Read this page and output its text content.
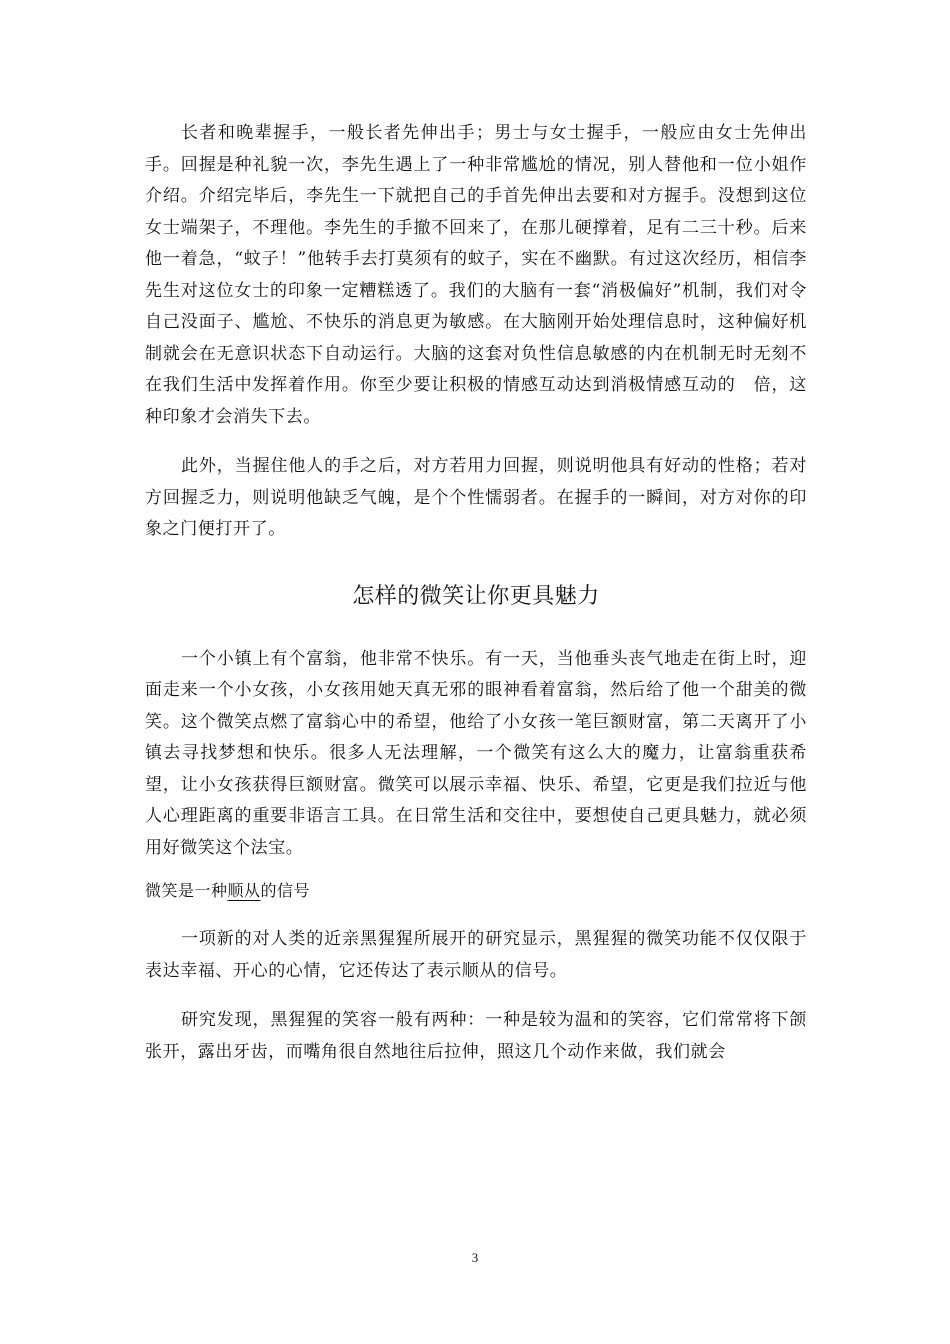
长者和晚辈握手，一般长者先伸出手；男士与女士握手，一般应由女士先伸出手。回握是种礼貌一次，李先生遇上了一种非常尴尬的情况，别人替他和一位小姐作介绍。介绍完毕后，李先生一下就把自己的手首先伸出去要和对方握手。没想到这位女士端架子，不理他。李先生的手撤不回来了，在那儿硬撑着，足有二三十秒。后来他一着急，“蚊子！”他转手去打莫须有的蚊子，实在不幽默。有过这次经历，相信李先生对这位女士的印象一定糟糕透了。我们的大脑有一套“消极偏好”机制，我们对令自己没面子、尴尬、不快乐的消息更为敏感。在大脑刚开始处理信息时，这种偏好机制就会在无意识状态下自动运行。大脑的这套对负性信息敏感的内在机制无时无刻不在我们生活中发挥着作用。你至少要让积极的情感互动达到消极情感互动的　倍，这种印象才会消失下去。

此外，当握住他人的手之后，对方若用力回握，则说明他具有好动的性格；若对方回握乏力，则说明他缺乏气魄，是个个性懦弱者。在握手的一瞬间，对方对你的印象之门便打开了。

怎样的微笑让你更具魅力

一个小镇上有个富翁，他非常不快乐。有一天，当他垂头丧气地走在街上时，迎面走来一个小女孩，小女孩用她天真无邪的眼神看着富翁，然后给了他一个甜美的微笑。这个微笑点燃了富翁心中的希望，他给了小女孩一笔巨额财富，第二天离开了小镇去寻找梦想和快乐。很多人无法理解，一个微笑有这么大的魔力，让富翁重获希望，让小女孩获得巨额财富。微笑可以展示幸福、快乐、希望，它更是我们拉近与他人心理距离的重要非语言工具。在日常生活和交往中，要想使自己更具魅力，就必须用好微笑这个法宝。

微笑是一种顺从的信号

一项新的对人类的近亲黑猩猩所展开的研究显示，黑猩猩的微笑功能不仅仅限于表达幸福、开心的心情，它还传达了表示顺从的信号。

研究发现，黑猩猩的笑容一般有两种：一种是较为温和的笑容，它们常常将下颌张开，露出牙齿，而嘴角很自然地往后拉伸，照这几个动作来做，我们就会

3
